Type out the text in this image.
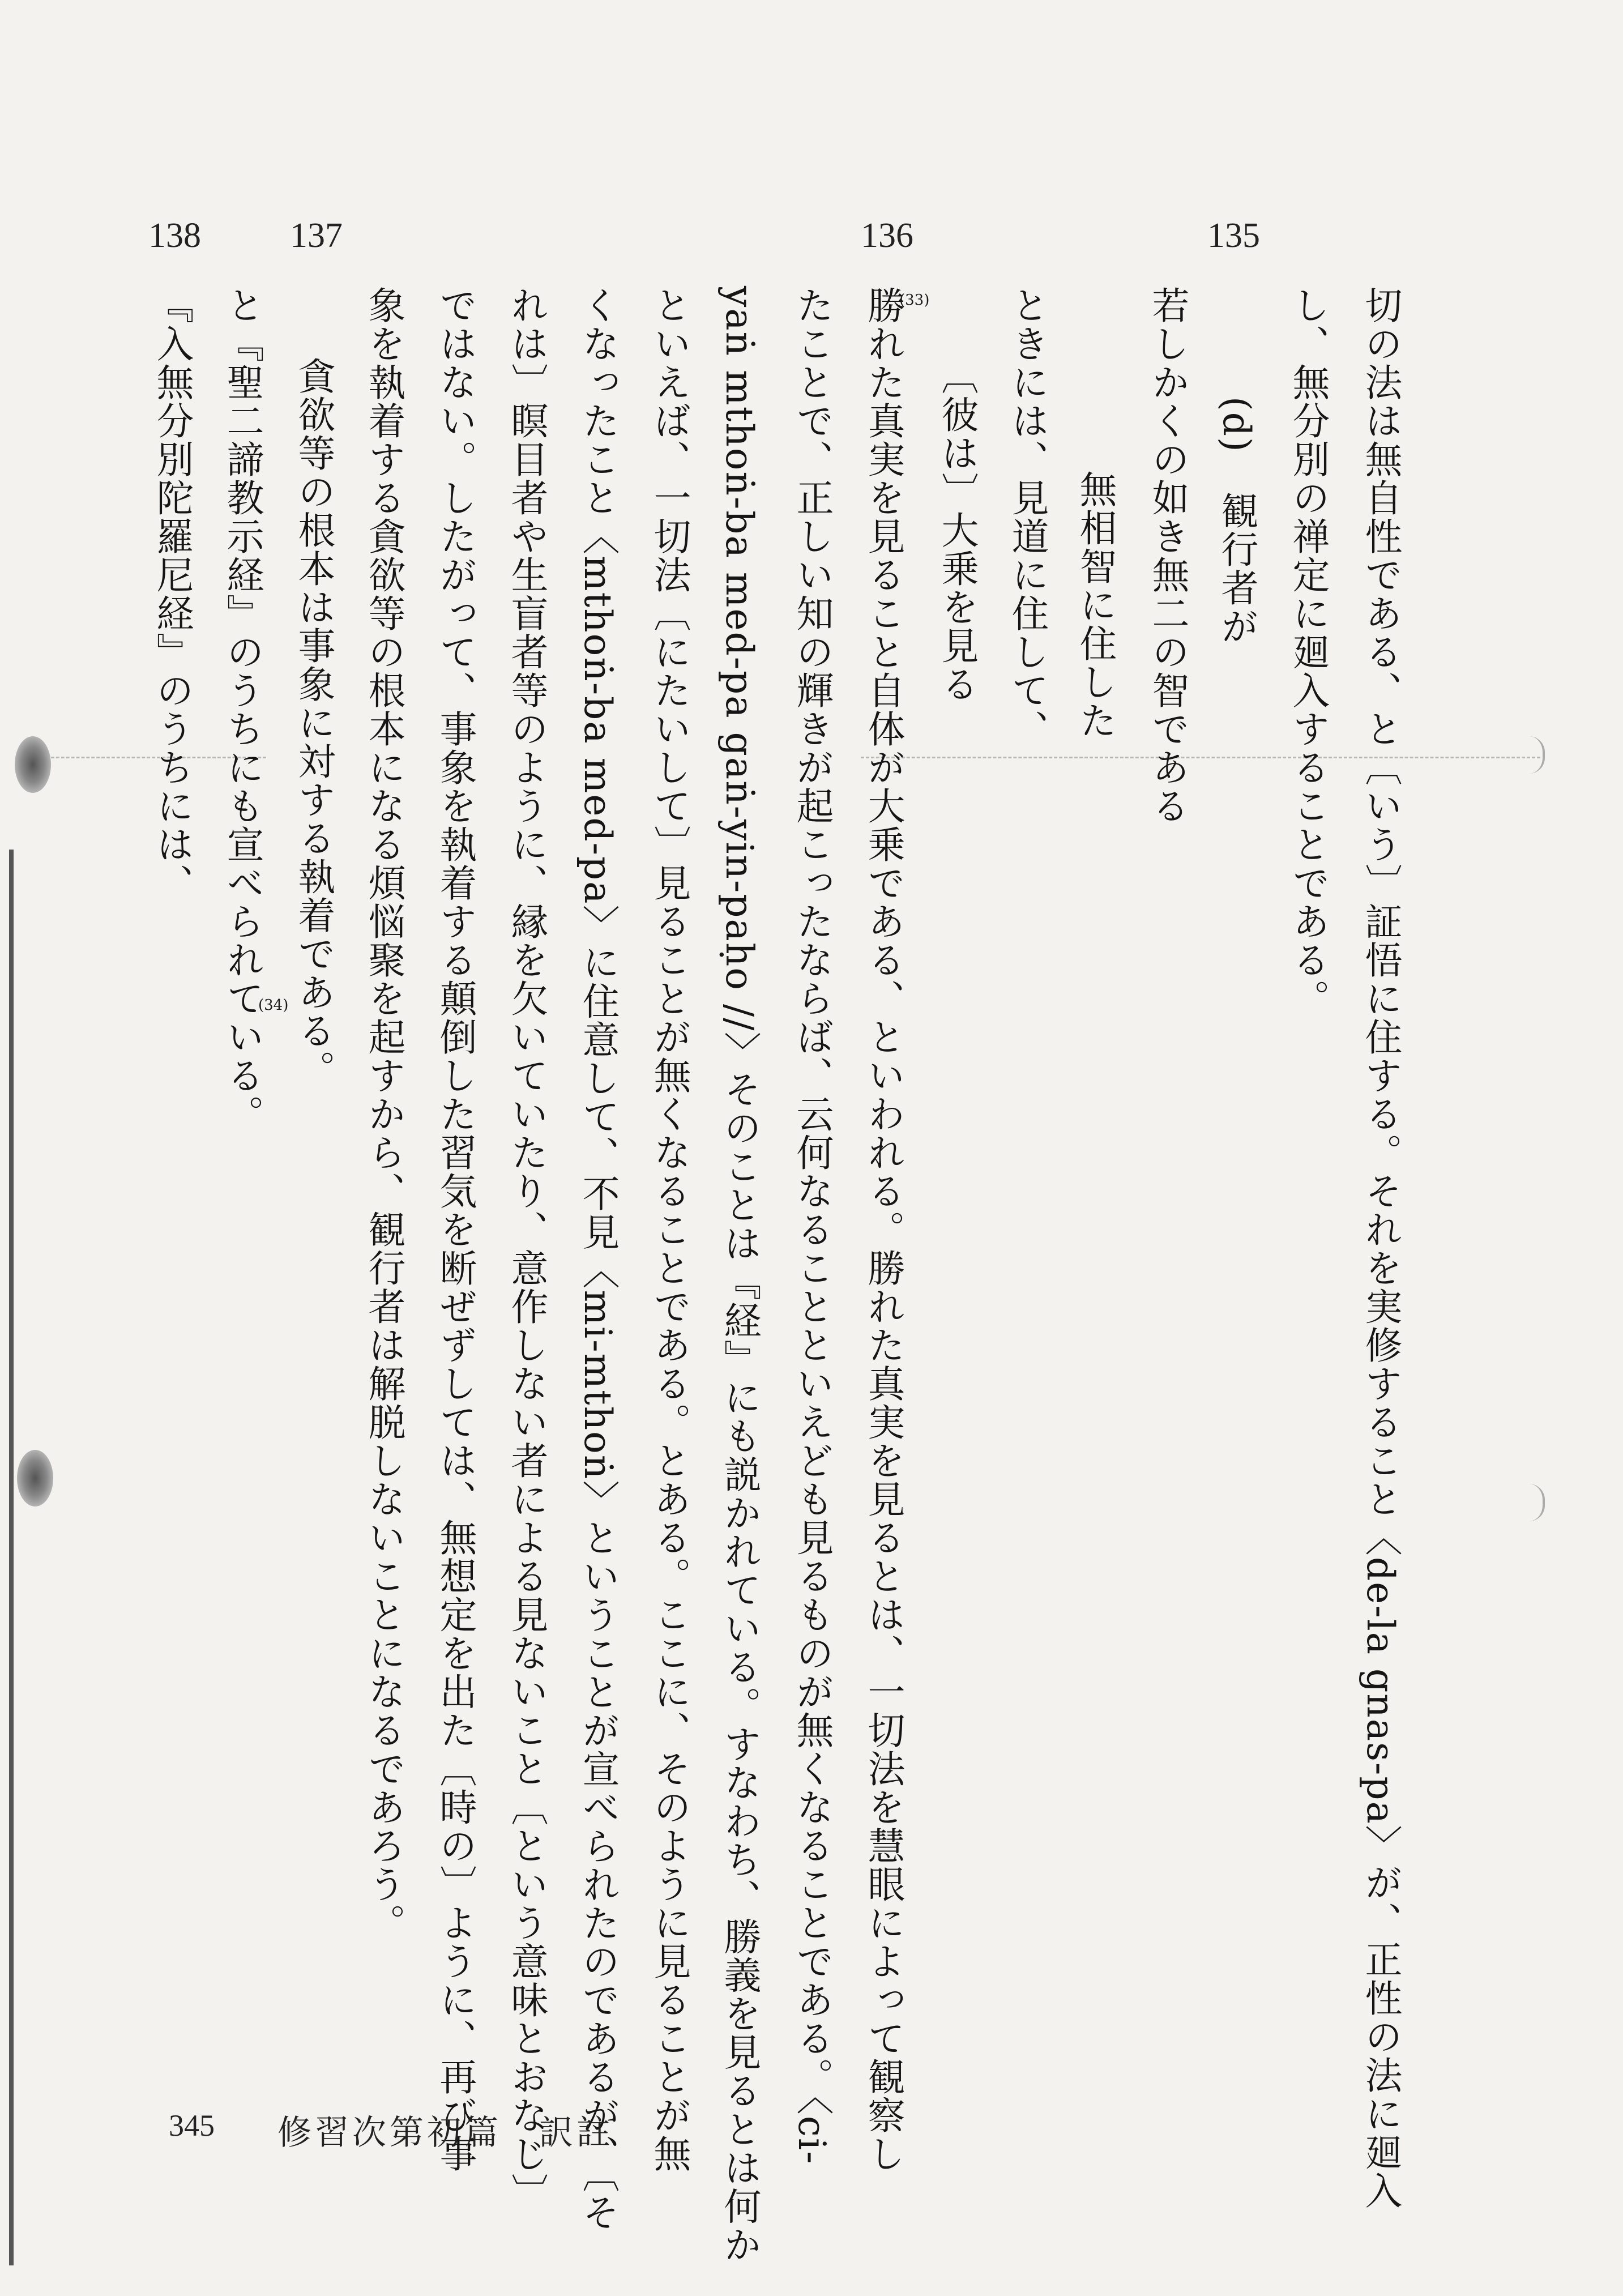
138	137	136	135
切の法は無自性である、と〔いう〕証悟に住する。それを実修すること〈de-la gnas-pa〉が、正性の法に廻入
し、無分別の禅定に廻入することである。
(d)　観行者が
無相智に住した 若しかくの如き無二の智である
ときには、見道に住して、
〔彼は〕大乗を見る
勝れた真実を見ること自体が大乗である、といわれる。勝れた真実を見るとは、一切法を慧眼によって観察し
(33)
たことで、正しい知の輝きが起こったならば、云何なることといえども見るものが無くなることである。〈ci-
yaṅ mthoṅ-ba med-pa gaṅ-yin-paḥo //〉そのことは『経』にも説かれている。すなわち、勝義を見るとは何か
といえば、一切法〔にたいして〕見ることが無くなることである。とある。ここに、そのように見ることが無
くなったこと〈mthoṅ-ba med-pa〉に住意して、不見〈mi-mthoṅ〉ということが宣べられたのであるが、〔そ
れは〕瞑目者や生盲者等のように、縁を欠いていたり、意作しない者による見ないこと〔という意味とおなじ〕
ではない。したがって、事象を執着する顛倒した習気を断ぜずしては、無想定を出た〔時の〕ように、再び事
象を執着する貪欲等の根本になる煩悩聚を起すから、観行者は解脱しないことになるであろう。
貪欲等の根本は事象に対する執着である。
と『聖二諦教示経』のうちにも宣べられている。
(34)
『入無分別陀羅尼経』のうちには、
345 修習次第初篇　訳註
